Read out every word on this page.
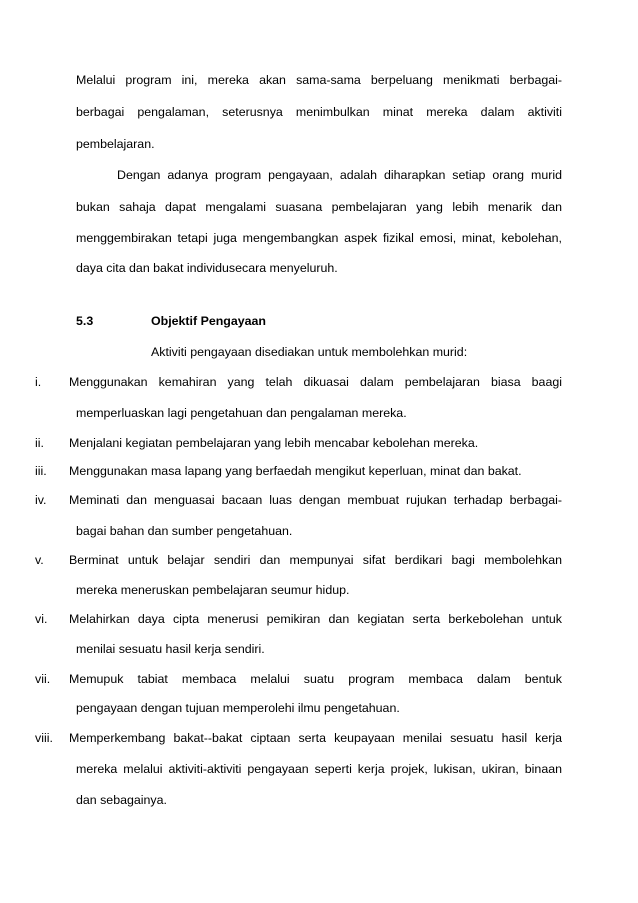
Melalui program ini, mereka akan sama-sama berpeluang menikmati berbagai-
berbagai pengalaman, seterusnya menimbulkan minat mereka dalam aktiviti
pembelajaran.
Dengan adanya program pengayaan, adalah diharapkan setiap orang murid
bukan sahaja dapat mengalami suasana pembelajaran yang lebih menarik dan
menggembirakan tetapi juga mengembangkan aspek fizikal emosi, minat, kebolehan,
daya cita dan bakat individusecara menyeluruh.
5.3	Objektif Pengayaan
Aktiviti pengayaan disediakan untuk membolehkan murid:
i.	Menggunakan kemahiran yang telah dikuasai dalam pembelajaran biasa baagi
memperluaskan lagi pengetahuan dan pengalaman mereka.
ii.	Menjalani kegiatan pembelajaran yang lebih mencabar kebolehan mereka.
iii.	Menggunakan masa lapang yang berfaedah mengikut keperluan, minat dan bakat.
iv.	Meminati dan menguasai bacaan luas dengan membuat rujukan terhadap berbagai-
bagai bahan dan sumber pengetahuan.
v.	Berminat untuk belajar sendiri dan mempunyai sifat berdikari bagi membolehkan
mereka meneruskan pembelajaran seumur hidup.
vi.	Melahirkan daya cipta menerusi pemikiran dan kegiatan serta berkebolehan untuk
menilai sesuatu hasil kerja sendiri.
vii.	Memupuk tabiat membaca melalui suatu program membaca dalam bentuk
pengayaan dengan tujuan memperolehi ilmu pengetahuan.
viii.	Memperkembang bakat--bakat ciptaan serta keupayaan menilai sesuatu hasil kerja
mereka melalui aktiviti-aktiviti pengayaan seperti kerja projek, lukisan, ukiran, binaan
dan sebagainya.
